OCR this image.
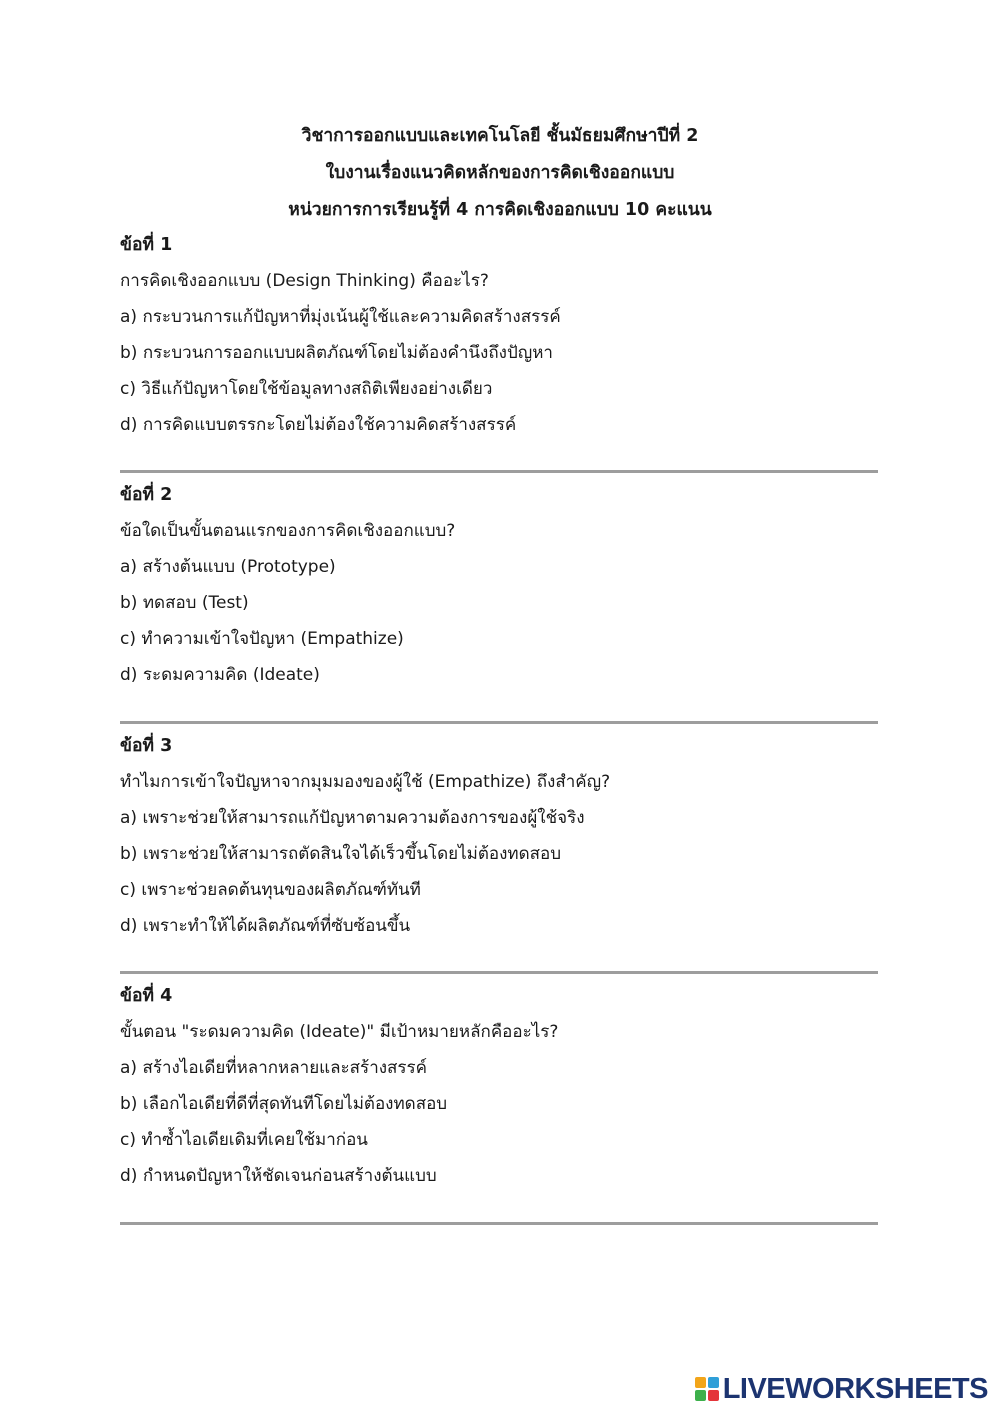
วิชาการออกแบบและเทคโนโลยี ชั้นมัธยมศึกษาปีที่ 2
ใบงานเรื่องแนวคิดหลักของการคิดเชิงออกแบบ
หน่วยการการเรียนรู้ที่ 4 การคิดเชิงออกแบบ 10 คะแนน
ข้อที่ 1
การคิดเชิงออกแบบ (Design Thinking) คืออะไร?
a) กระบวนการแก้ปัญหาที่มุ่งเน้นผู้ใช้และความคิดสร้างสรรค์
b) กระบวนการออกแบบผลิตภัณฑ์โดยไม่ต้องคำนึงถึงปัญหา
c) วิธีแก้ปัญหาโดยใช้ข้อมูลทางสถิติเพียงอย่างเดียว
d) การคิดแบบตรรกะโดยไม่ต้องใช้ความคิดสร้างสรรค์
ข้อที่ 2
ข้อใดเป็นขั้นตอนแรกของการคิดเชิงออกแบบ?
a) สร้างต้นแบบ (Prototype)
b) ทดสอบ (Test)
c) ทำความเข้าใจปัญหา (Empathize)
d) ระดมความคิด (Ideate)
ข้อที่ 3
ทำไมการเข้าใจปัญหาจากมุมมองของผู้ใช้ (Empathize) ถึงสำคัญ?
a) เพราะช่วยให้สามารถแก้ปัญหาตามความต้องการของผู้ใช้จริง
b) เพราะช่วยให้สามารถตัดสินใจได้เร็วขึ้นโดยไม่ต้องทดสอบ
c) เพราะช่วยลดต้นทุนของผลิตภัณฑ์ทันที
d) เพราะทำให้ได้ผลิตภัณฑ์ที่ซับซ้อนขึ้น
ข้อที่ 4
ขั้นตอน "ระดมความคิด (Ideate)" มีเป้าหมายหลักคืออะไร?
a) สร้างไอเดียที่หลากหลายและสร้างสรรค์
b) เลือกไอเดียที่ดีที่สุดทันทีโดยไม่ต้องทดสอบ
c) ทำซ้ำไอเดียเดิมที่เคยใช้มาก่อน
d) กำหนดปัญหาให้ชัดเจนก่อนสร้างต้นแบบ
LIVEWORKSHEETS
